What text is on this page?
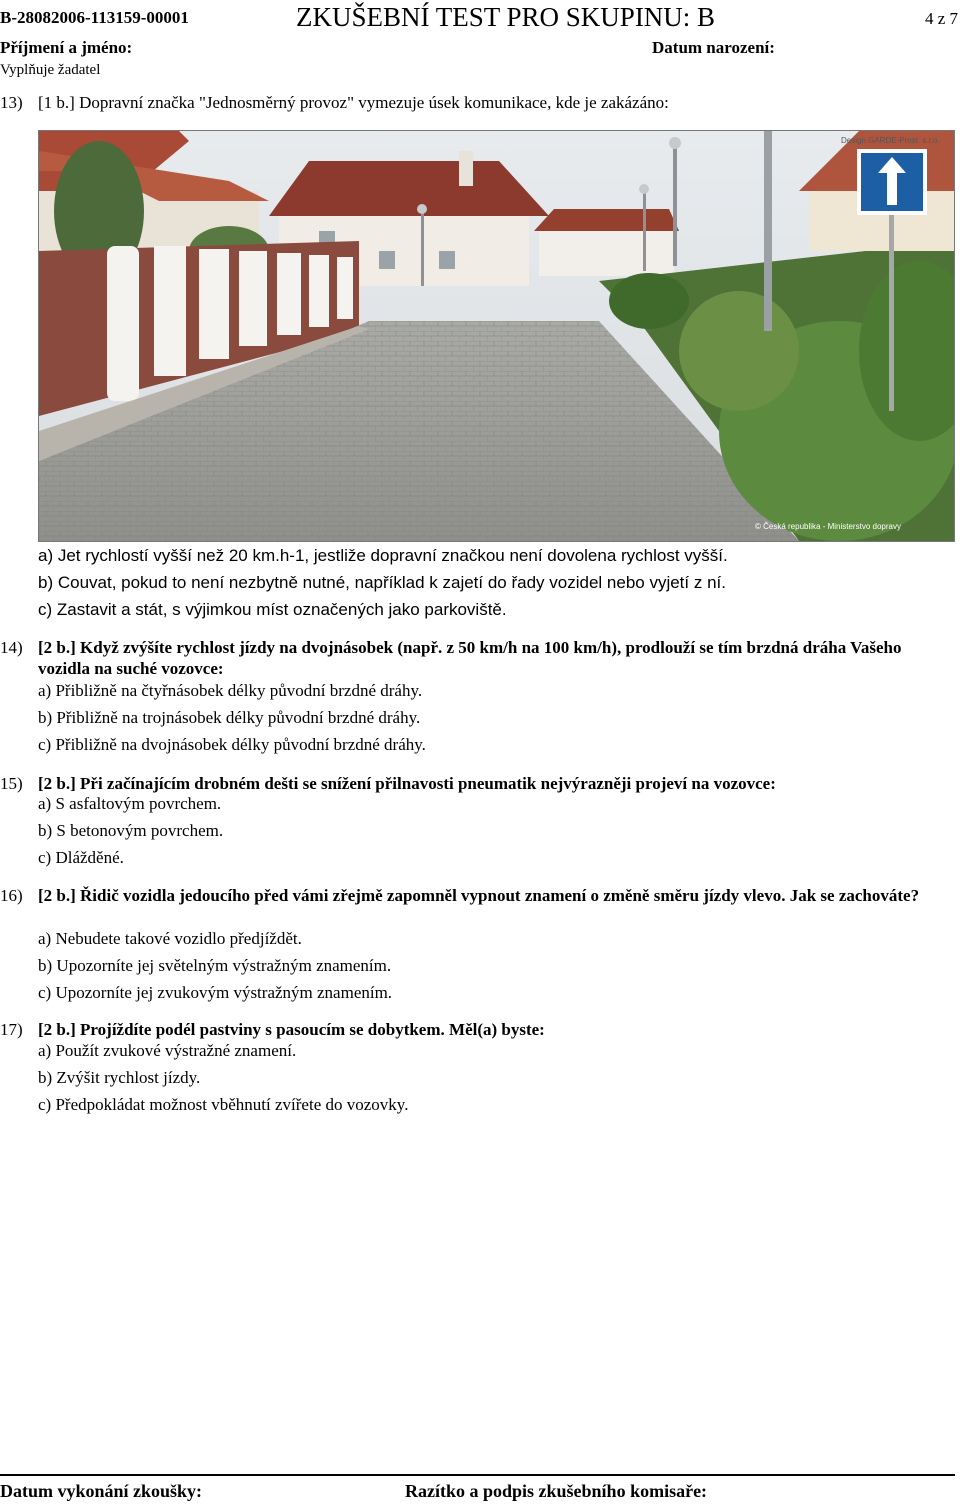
B-28082006-113159-00001	ZKUŠEBNÍ TEST PRO SKUPINU: B	4 z 7
Příjmení a jméno:	Datum narození:
Vyplňuje žadatel
13) [1 b.] Dopravní značka "Jednosměrný provoz" vymezuje úsek komunikace, kde je zakázáno:
Design GARDE-Prost. s.r.o.
© Česká republika - Ministerstvo dopravy
a) Jet rychlostí vyšší než 20 km.h-1, jestliže dopravní značkou není dovolena rychlost vyšší.
b) Couvat, pokud to není nezbytně nutné, například k zajetí do řady vozidel nebo vyjetí z ní.
c) Zastavit a stát, s výjimkou míst označených jako parkoviště.
14) [2 b.] Když zvýšíte rychlost jízdy na dvojnásobek (např. z 50 km/h na 100 km/h), prodlouží se tím brzdná dráha Vašeho vozidla na suché vozovce:
a) Přibližně na čtyřnásobek délky původní brzdné dráhy.
b) Přibližně na trojnásobek délky původní brzdné dráhy.
c) Přibližně na dvojnásobek délky původní brzdné dráhy.
15) [2 b.] Při začínajícím drobném dešti se snížení přilnavosti pneumatik nejvýrazněji projeví na vozovce:
a) S asfaltovým povrchem.
b) S betonovým povrchem.
c) Dlážděné.
16) [2 b.] Řidič vozidla jedoucího před vámi zřejmě zapomněl vypnout znamení o změně směru jízdy vlevo. Jak se zachováte?
a) Nebudete takové vozidlo předjíždět.
b) Upozorníte jej světelným výstražným znamením.
c) Upozorníte jej zvukovým výstražným znamením.
17) [2 b.] Projíždíte podél pastviny s pasoucím se dobytkem. Měl(a) byste:
a) Použít zvukové výstražné znamení.
b) Zvýšit rychlost jízdy.
c) Předpokládat možnost vběhnutí zvířete do vozovky.
Datum vykonání zkoušky:	Razítko a podpis zkušebního komisaře:
